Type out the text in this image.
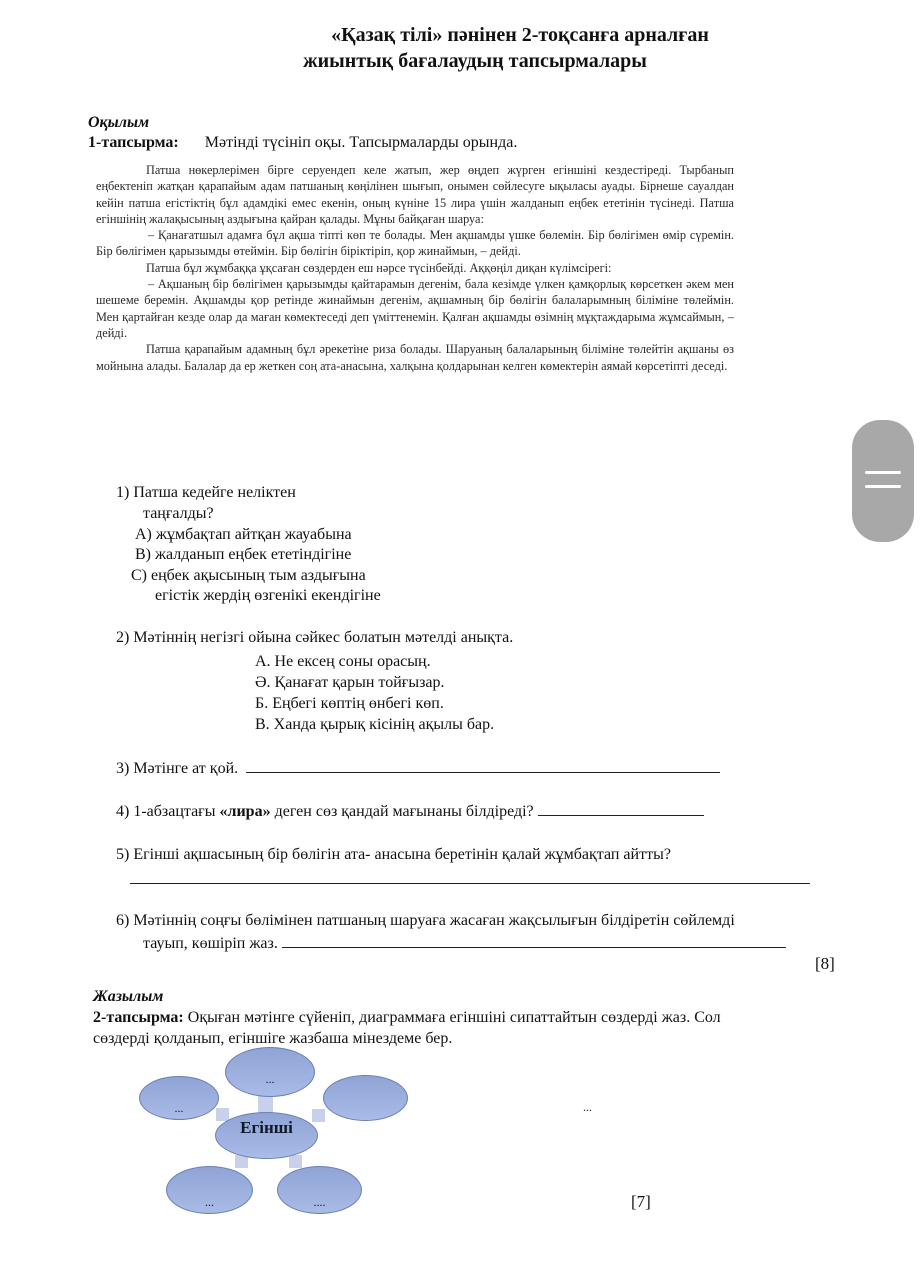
«Қазақ тілі» пәнінен 2-тоқсанға арналған
жиынтық бағалаудың тапсырмалары
Оқылым
1-тапсырма: Мәтінді түсініп оқы. Тапсырмаларды орында.

Патша нөкерлерімен бірге серуендеп келе жатып, жер өңдеп жүрген егіншіні кездестіреді. Тырбанып еңбектеніп жатқан қарапайым адам патшаның көңілінен шығып, онымен сөйлесуге ықыласы ауады. Бірнеше сауалдан кейін патша егістіктің бұл адамдікі емес екенін, оның күніне 15 лира үшін жалданып еңбек ететінін түсінеді. Патша егіншінің жалақысының аздығына қайран қалады. Мұны байқаған шаруа:

– Қанағатшыл адамға бұл ақша тіпті көп те болады. Мен ақшамды үшке бөлемін. Бір бөлігімен өмір сүремін. Бір бөлігімен қарызымды өтеймін. Бір бөлігін біріктіріп, қор жинаймын, – дейді.

Патша бұл жұмбаққа ұқсаған сөздерден еш нәрсе түсінбейді. Аққөңіл диқан күлімсірегі:

– Ақшаның бір бөлігімен қарызымды қайтарамын дегенім, бала кезімде үлкен қамқорлық көрсеткен әкем мен шешеме беремін. Ақшамды қор ретінде жинаймын дегенім, ақшамның бір бөлігін балаларымның біліміне төлеймін. Мен қартайған кезде олар да маған көмектеседі деп үміттенемін. Қалған ақшамды өзімнің мұқтаждарыма жұмсаймын, – дейді.

Патша қарапайым адамның бұл әрекетіне риза болады. Шаруаның балаларының біліміне төлейтін ақшаны өз мойнына алады. Балалар да ер жеткен соң ата-анасына, халқына қолдарынан келген көмектерін аямай көрсетіпті деседі.

1) Патша кедейге неліктен
таңғалды?
А) жұмбақтап айтқан жауабына
В) жалданып еңбек ететіндігіне
С) еңбек ақысының тым аздығына
егістік жердің өзгенікі екендігіне
2) Мәтіннің негізгі ойына сәйкес болатын мәтелді анықта.
А. Не ексең соны орасың.
Ә. Қанағат қарын тойғызар.
Б. Еңбегі көптің өнбегі көп.
В. Ханда қырық кісінің ақылы бар.
3) Мәтінге ат қой.
4) 1-абзацтағы «лира» деген сөз қандай мағынаны білдіреді?
5) Егінші ақшасының бір бөлігін ата- анасына беретінін қалай жұмбақтап айтты?
6) Мәтіннің соңғы бөлімінен патшаның шаруаға жасаған жақсылығын білдіретін сөйлемді
тауып, көшіріп жаз.
[8]
Жазылым
2-тапсырма: Оқыған мәтінге сүйеніп, диаграммаға егіншіні сипаттайтын сөздерді жаз. Сол
сөздерді қолданып, егіншіге жазбаша мінездеме бер.
...
...
Егінші
...	....
...
[7]
